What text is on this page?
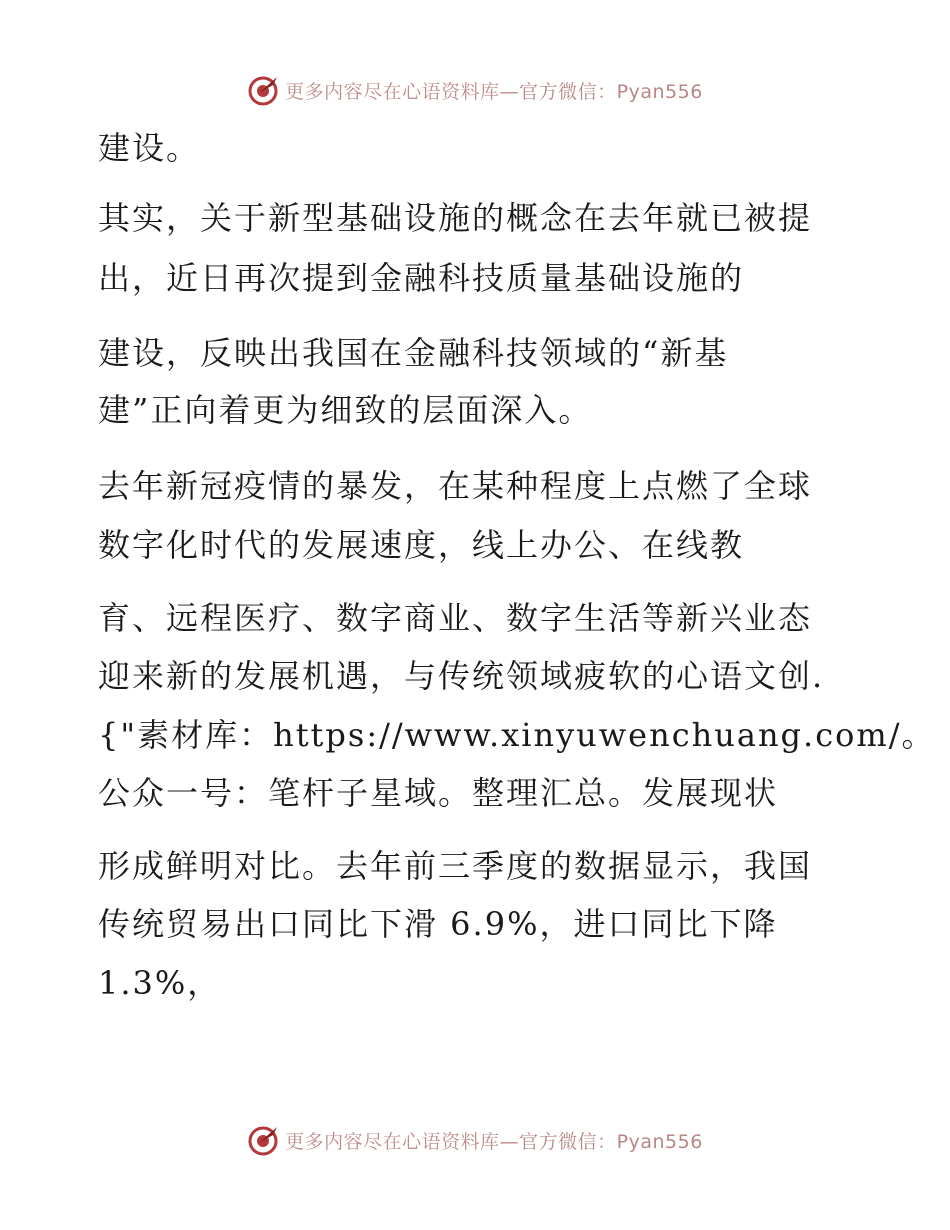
更多内容尽在心语资料库—官方微信：Pyan556
建设。
其实，关于新型基础设施的概念在去年就已被提
出，近日再次提到金融科技质量基础设施的
建设，反映出我国在金融科技领域的“新基
建”正向着更为细致的层面深入。
去年新冠疫情的暴发，在某种程度上点燃了全球
数字化时代的发展速度，线上办公、在线教
育、远程医疗、数字商业、数字生活等新兴业态
迎来新的发展机遇，与传统领域疲软的心语文创.
{"素材库：https://www.xinyuwenchuang.com/。
公众一号：笔杆子星域。整理汇总。发展现状
形成鲜明对比。去年前三季度的数据显示，我国
传统贸易出口同比下滑 6.9%，进口同比下降
1.3%，
更多内容尽在心语资料库—官方微信：Pyan556
